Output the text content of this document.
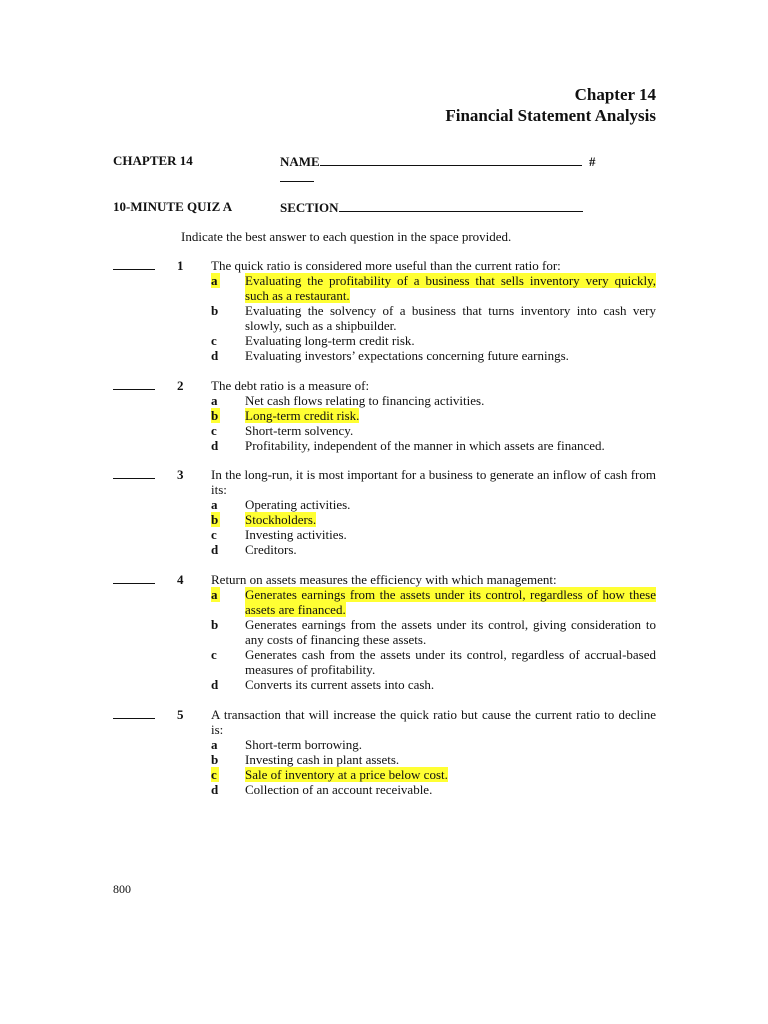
Chapter 14
Financial Statement Analysis
CHAPTER 14	NAME	#
10-MINUTE QUIZ A	SECTION
Indicate the best answer to each question in the space provided.
1 The quick ratio is considered more useful than the current ratio for:
a	Evaluating the profitability of a business that sells inventory very quickly, such as a restaurant.
b	Evaluating the solvency of a business that turns inventory into cash very slowly, such as a shipbuilder.
c	Evaluating long-term credit risk.
d	Evaluating investors’ expectations concerning future earnings.
2 The debt ratio is a measure of:
a	Net cash flows relating to financing activities.
b	Long-term credit risk.
c	Short-term solvency.
d	Profitability, independent of the manner in which assets are financed.
3 In the long-run, it is most important for a business to generate an inflow of cash from its:
a	Operating activities.
b	Stockholders.
c	Investing activities.
d	Creditors.
4 Return on assets measures the efficiency with which management:
a	Generates earnings from the assets under its control, regardless of how these assets are financed.
b	Generates earnings from the assets under its control, giving consideration to any costs of financing these assets.
c	Generates cash from the assets under its control, regardless of accrual-based measures of profitability.
d	Converts its current assets into cash.
5 A transaction that will increase the quick ratio but cause the current ratio to decline is:
a	Short-term borrowing.
b	Investing cash in plant assets.
c	Sale of inventory at a price below cost.
d	Collection of an account receivable.
800
